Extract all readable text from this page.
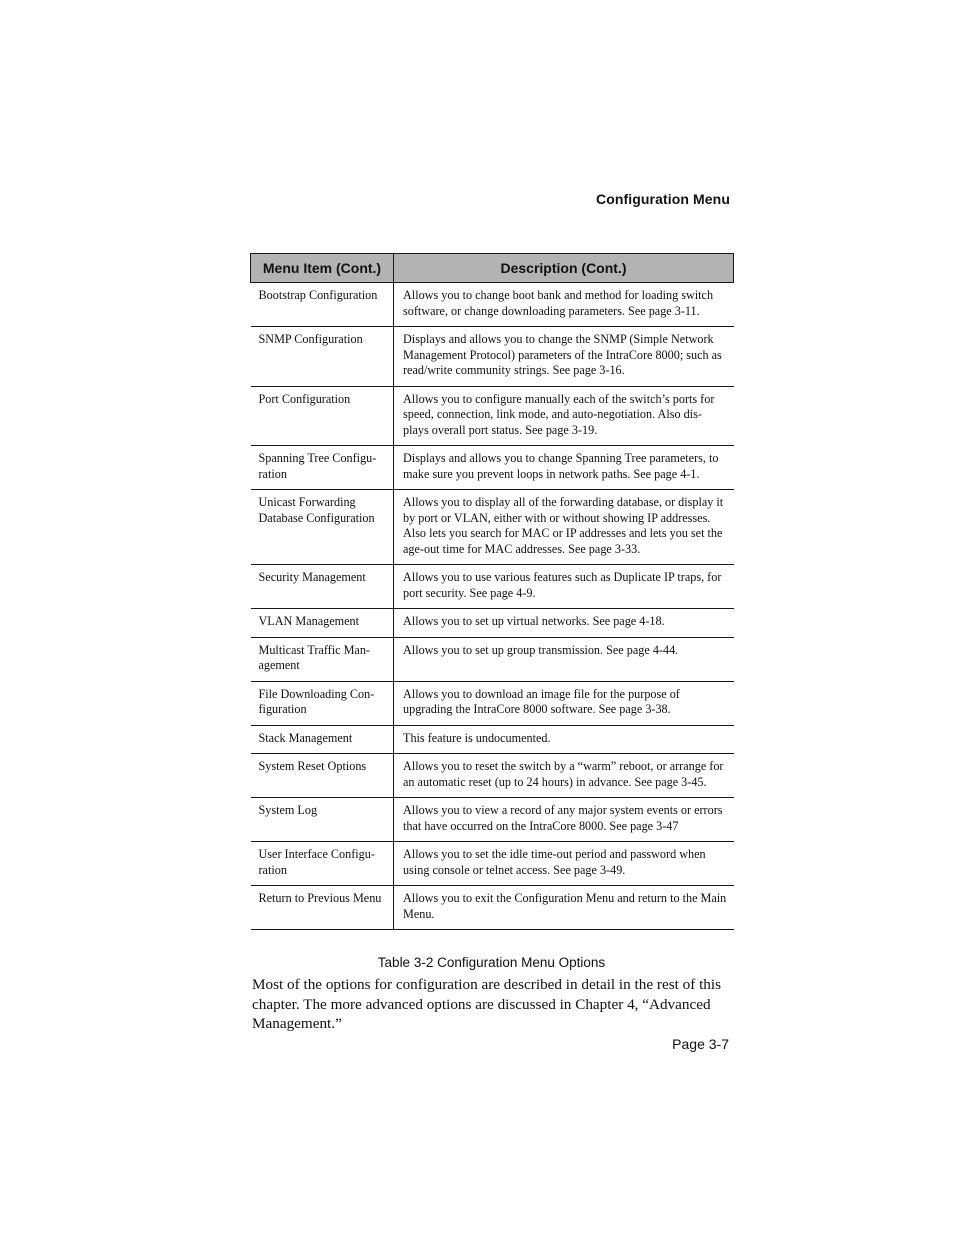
Configuration Menu
Menu Item (Cont.)	Description (Cont.)
Bootstrap Configuration	Allows you to change boot bank and method for loading switch software, or change downloading parameters. See page 3-11.
SNMP Configuration	Displays and allows you to change the SNMP (Simple Network Management Protocol) parameters of the IntraCore 8000; such as read/write community strings. See page 3-16.
Port Configuration	Allows you to configure manually each of the switch’s ports for speed, connection, link mode, and auto-negotiation. Also dis- plays overall port status. See page 3-19.
Spanning Tree Configu- ration	Displays and allows you to change Spanning Tree parameters, to make sure you prevent loops in network paths. See page 4-1.
Unicast Forwarding Database Configuration	Allows you to display all of the forwarding database, or display it by port or VLAN, either with or without showing IP addresses. Also lets you search for MAC or IP addresses and lets you set the age-out time for MAC addresses. See page 3-33.
Security Management	Allows you to use various features such as Duplicate IP traps, for port security. See page 4-9.
VLAN Management	Allows you to set up virtual networks. See page 4-18.
Multicast Traffic Man- agement	Allows you to set up group transmission. See page 4-44.
File Downloading Con- figuration	Allows you to download an image file for the purpose of upgrading the IntraCore 8000 software. See page 3-38.
Stack Management	This feature is undocumented.
System Reset Options	Allows you to reset the switch by a “warm” reboot, or arrange for an automatic reset (up to 24 hours) in advance. See page 3-45.
System Log	Allows you to view a record of any major system events or errors that have occurred on the IntraCore 8000. See page 3-47
User Interface Configu- ration	Allows you to set the idle time-out period and password when using console or telnet access. See page 3-49.
Return to Previous Menu	Allows you to exit the Configuration Menu and return to the Main Menu.
Table 3-2 Configuration Menu Options
Most of the options for configuration are described in detail in the rest of this chapter. The more advanced options are discussed in Chapter 4, “Advanced Management.”
Page 3-7
